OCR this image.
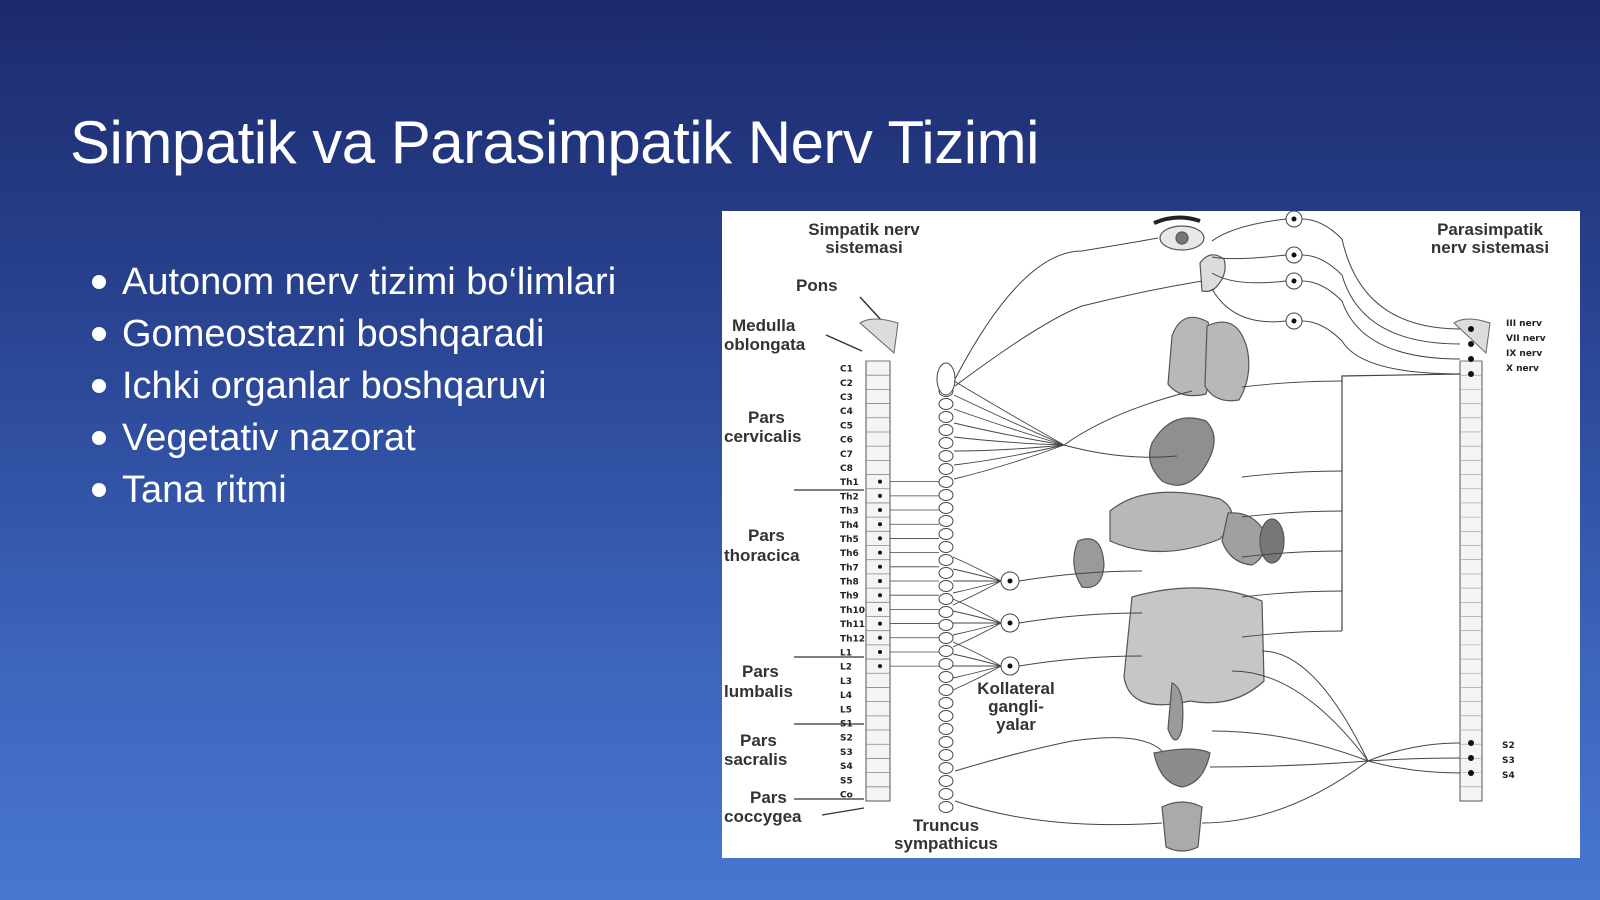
Simpatik va Parasimpatik Nerv Tizimi
Autonom nerv tizimi bo‘limlari
Gomeostazni boshqaradi
Ichki organlar boshqaruvi
Vegetativ nazorat
Tana ritmi
Simpatik nerv
sistemasi
Parasimpatik
nerv sistemasi
Pons
Medulla
oblongata
Pars
cervicalis
Pars
thoracica
Pars
lumbalis
Pars
sacralis
Pars
coccygea
C1
C2
C3
C4
C5
C6
C7
C8
Th1
Th2
Th3
Th4
Th5
Th6
Th7
Th8
Th9
Th10
Th11
Th12
L1
L2
L3
L4
L5
S1
S2
S3
S4
S5
Co
III nerv
VII nerv
IX nerv
X nerv
S2
S3
S4
Kollateral
gangli-
yalar
Truncus
sympathicus
